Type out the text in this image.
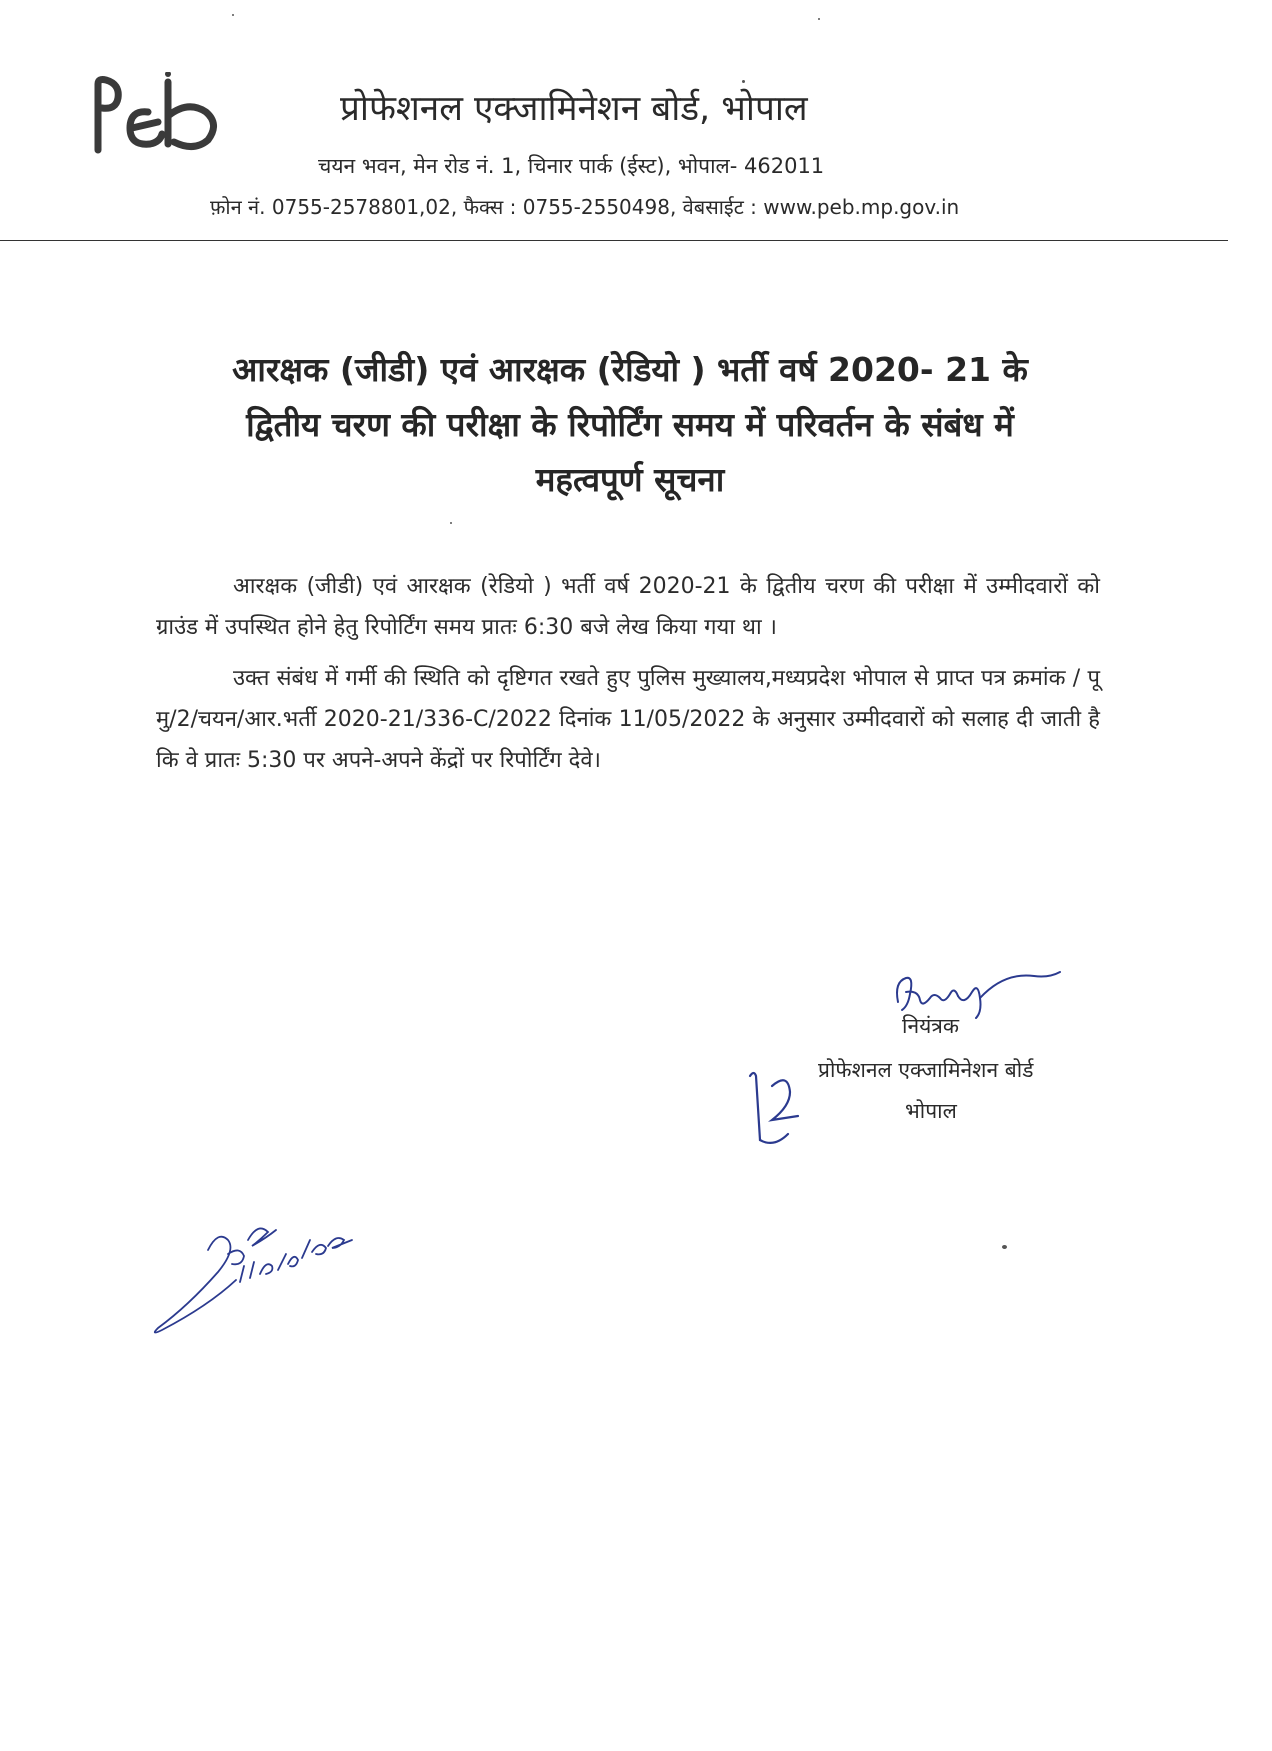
प्रोफेशनल एक्जामिनेशन बोर्ड, भोपाल
चयन भवन, मेन रोड नं. 1, चिनार पार्क (ईस्ट), भोपाल- 462011
फ़ोन नं. 0755-2578801,02, फैक्स : 0755-2550498, वेबसाईट : www.peb.mp.gov.in
आरक्षक (जीडी) एवं आरक्षक (रेडियो ) भर्ती वर्ष 2020- 21 के
द्वितीय चरण की परीक्षा के रिपोर्टिंग समय में परिवर्तन के संबंध में
महत्वपूर्ण सूचना

आरक्षक (जीडी) एवं आरक्षक (रेडियो ) भर्ती वर्ष 2020-21 के द्वितीय चरण की परीक्षा में उम्मीदवारों को ग्राउंड में उपस्थित होने हेतु रिपोर्टिंग समय प्रातः 6:30 बजे लेख किया गया था ।

उक्त संबंध में गर्मी की स्थिति को दृष्टिगत रखते हुए पुलिस मुख्यालय,मध्यप्रदेश भोपाल से प्राप्त पत्र क्रमांक / पू मु/2/चयन/आर.भर्ती 2020-21/336-C/2022 दिनांक 11/05/2022 के अनुसार उम्मीदवारों को सलाह दी जाती है कि वे प्रातः 5:30 पर अपने-अपने केंद्रों पर रिपोर्टिंग देवे।

नियंत्रक
प्रोफेशनल एक्जामिनेशन बोर्ड
भोपाल
